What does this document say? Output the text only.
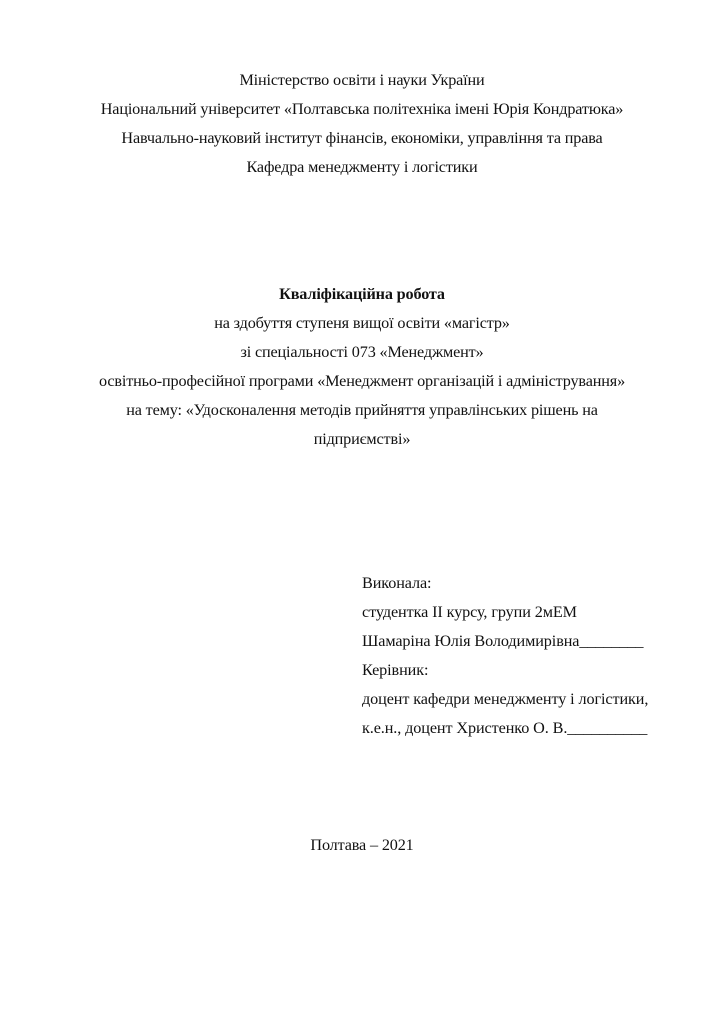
Міністерство освіти і науки України
Національний університет «Полтавська політехніка імені Юрія Кондратюка»
Навчально-науковий інститут фінансів, економіки, управління та права
Кафедра менеджменту і логістики
Кваліфікаційна робота
на здобуття ступеня вищої освіти «магістр»
зі спеціальності 073 «Менеджмент»
освітньо-професійної програми «Менеджмент організацій і адміністрування»
на тему: «Удосконалення методів прийняття управлінських рішень на
підприємстві»
Виконала:
студентка ІІ курсу, групи 2мЕМ
Шамаріна Юлія Володимирівна________
Керівник:
доцент кафедри менеджменту і логістики,
к.е.н., доцент Христенко О. В.__________
Полтава – 2021
